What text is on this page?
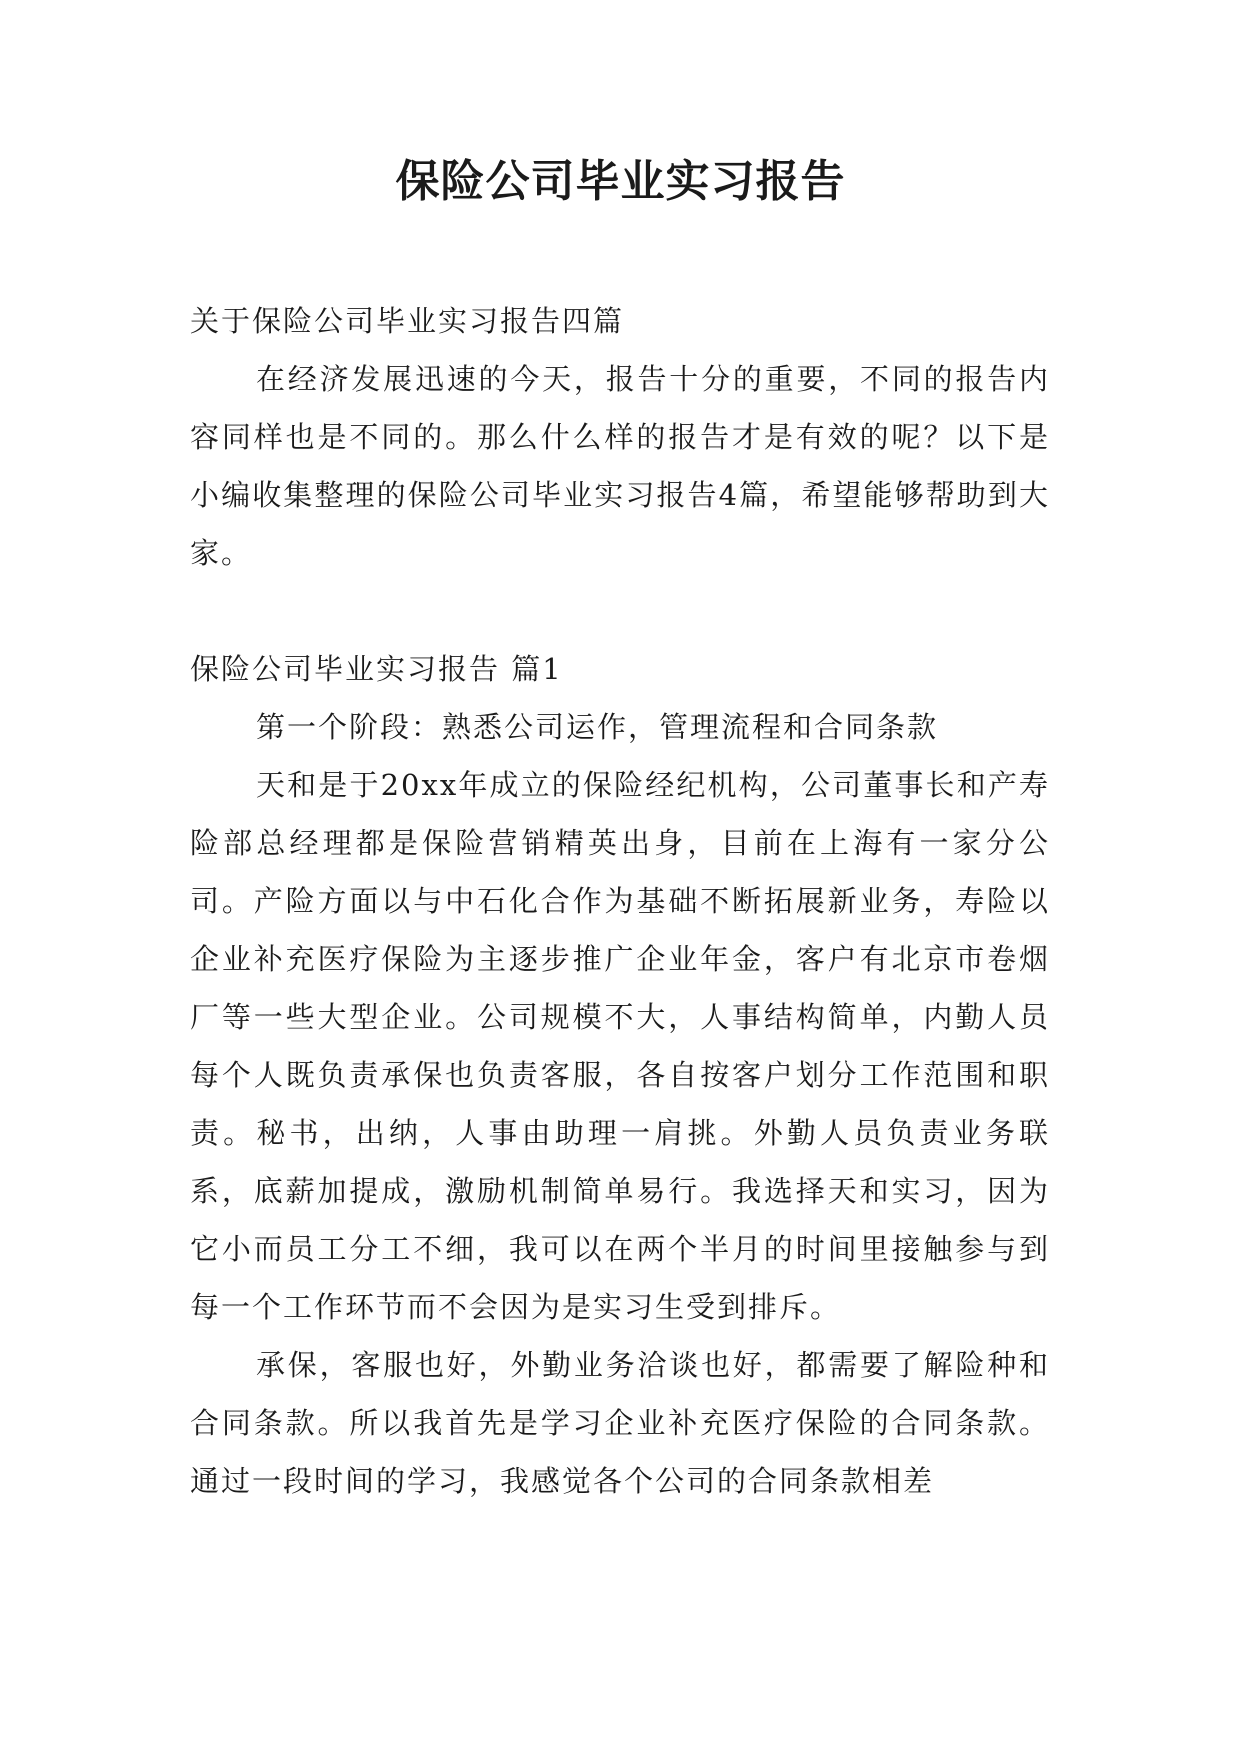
保险公司毕业实习报告

关于保险公司毕业实习报告四篇

在经济发展迅速的今天，报告十分的重要，不同的报告内容同样也是不同的。那么什么样的报告才是有效的呢？以下是小编收集整理的保险公司毕业实习报告4篇，希望能够帮助到大家。

保险公司毕业实习报告 篇1

第一个阶段：熟悉公司运作，管理流程和合同条款

天和是于20xx年成立的保险经纪机构，公司董事长和产寿险部总经理都是保险营销精英出身，目前在上海有一家分公司。产险方面以与中石化合作为基础不断拓展新业务，寿险以企业补充医疗保险为主逐步推广企业年金，客户有北京市卷烟厂等一些大型企业。公司规模不大，人事结构简单，内勤人员每个人既负责承保也负责客服，各自按客户划分工作范围和职责。秘书，出纳，人事由助理一肩挑。外勤人员负责业务联系，底薪加提成，激励机制简单易行。我选择天和实习，因为它小而员工分工不细，我可以在两个半月的时间里接触参与到每一个工作环节而不会因为是实习生受到排斥。

承保，客服也好，外勤业务洽谈也好，都需要了解险种和合同条款。所以我首先是学习企业补充医疗保险的合同条款。通过一段时间的学习，我感觉各个公司的合同条款相差
